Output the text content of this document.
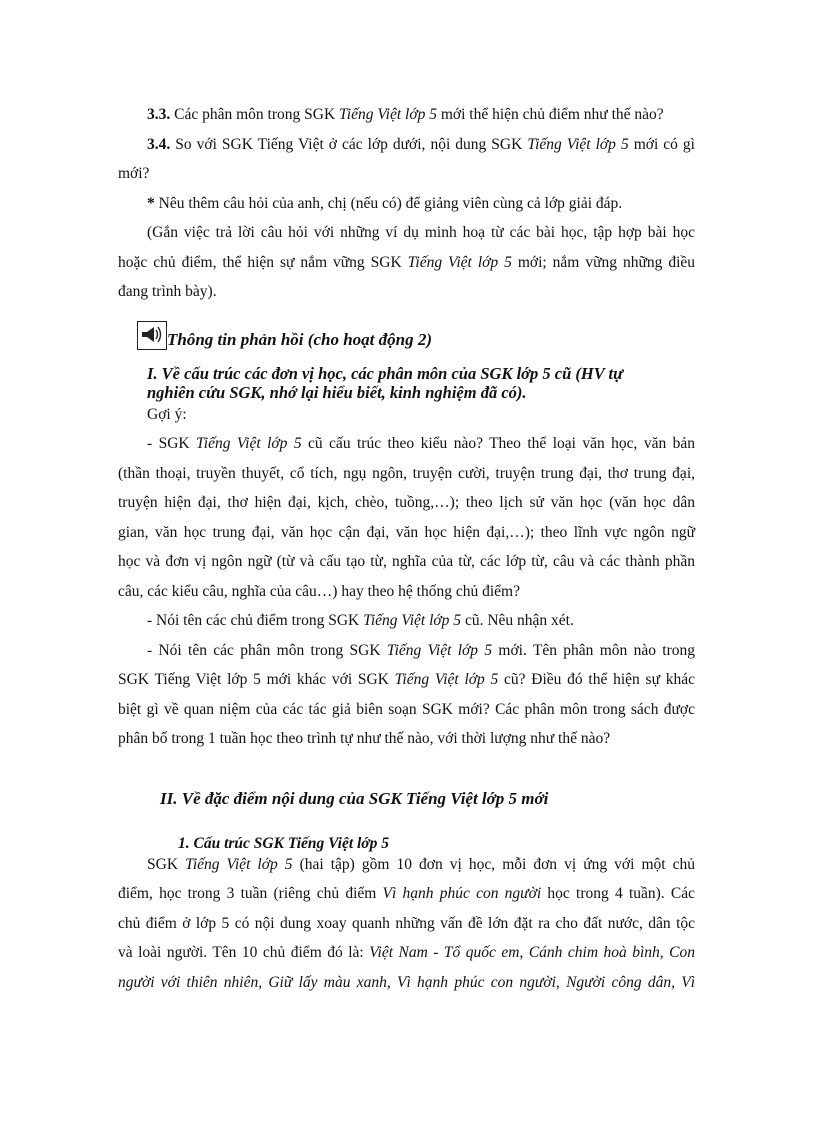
3.3. Các phân môn trong SGK Tiếng Việt lớp 5 mới thể hiện chủ điểm như thế nào?
3.4. So với SGK Tiếng Việt ở các lớp dưới, nội dung SGK Tiếng Việt lớp 5 mới có gì
mới?
* Nêu thêm câu hỏi của anh, chị (nếu có) để giảng viên cùng cả lớp giải đáp.
(Gắn việc trả lời câu hỏi với những ví dụ minh hoạ từ các bài học, tập hợp bài học
hoặc chủ điểm, thể hiện sự nắm vững SGK Tiếng Việt lớp 5 mới; nắm vững những điều
đang trình bày).
Thông tin phản hồi (cho hoạt động 2)
I. Về cấu trúc các đơn vị học, các phân môn của SGK lớp 5 cũ (HV tự
nghiên cứu SGK, nhớ lại hiểu biết, kinh nghiệm đã có).
Gợi ý:
- SGK Tiếng Việt lớp 5 cũ cấu trúc theo kiểu nào? Theo thể loại văn học, văn bản
(thần thoại, truyền thuyết, cổ tích, ngụ ngôn, truyện cười, truyện trung đại, thơ trung đại,
truyện hiện đại, thơ hiện đại, kịch, chèo, tuồng,…); theo lịch sử văn học (văn học dân
gian, văn học trung đại, văn học cận đại, văn học hiện đại,…); theo lĩnh vực ngôn ngữ
học và đơn vị ngôn ngữ (từ và cấu tạo từ, nghĩa của từ, các lớp từ, câu và các thành phần
câu, các kiểu câu, nghĩa của câu…) hay theo hệ thống chủ điểm?
- Nói tên các chủ điểm trong SGK Tiếng Việt lớp 5 cũ. Nêu nhận xét.
- Nói tên các phân môn trong SGK Tiếng Việt lớp 5 mới. Tên phân môn nào trong
SGK Tiếng Việt lớp 5 mới khác với SGK Tiếng Việt lớp 5 cũ? Điều đó thể hiện sự khác
biệt gì về quan niệm của các tác giả biên soạn SGK mới? Các phân môn trong sách được
phân bố trong 1 tuần học theo trình tự như thế nào, với thời lượng như thế nào?
II. Về đặc điểm nội dung của SGK Tiếng Việt lớp 5 mới
1. Cấu trúc SGK Tiếng Việt lớp 5
SGK Tiếng Việt lớp 5 (hai tập) gồm 10 đơn vị học, mỗi đơn vị ứng với một chủ
điểm, học trong 3 tuần (riêng chủ điểm Vì hạnh phúc con người học trong 4 tuần). Các
chủ điểm ở lớp 5 có nội dung xoay quanh những vấn đề lớn đặt ra cho đất nước, dân tộc
và loài người. Tên 10 chủ điểm đó là: Việt Nam - Tổ quốc em, Cánh chim hoà bình, Con
người với thiên nhiên, Giữ lấy màu xanh, Vì hạnh phúc con người, Người công dân, Vì
